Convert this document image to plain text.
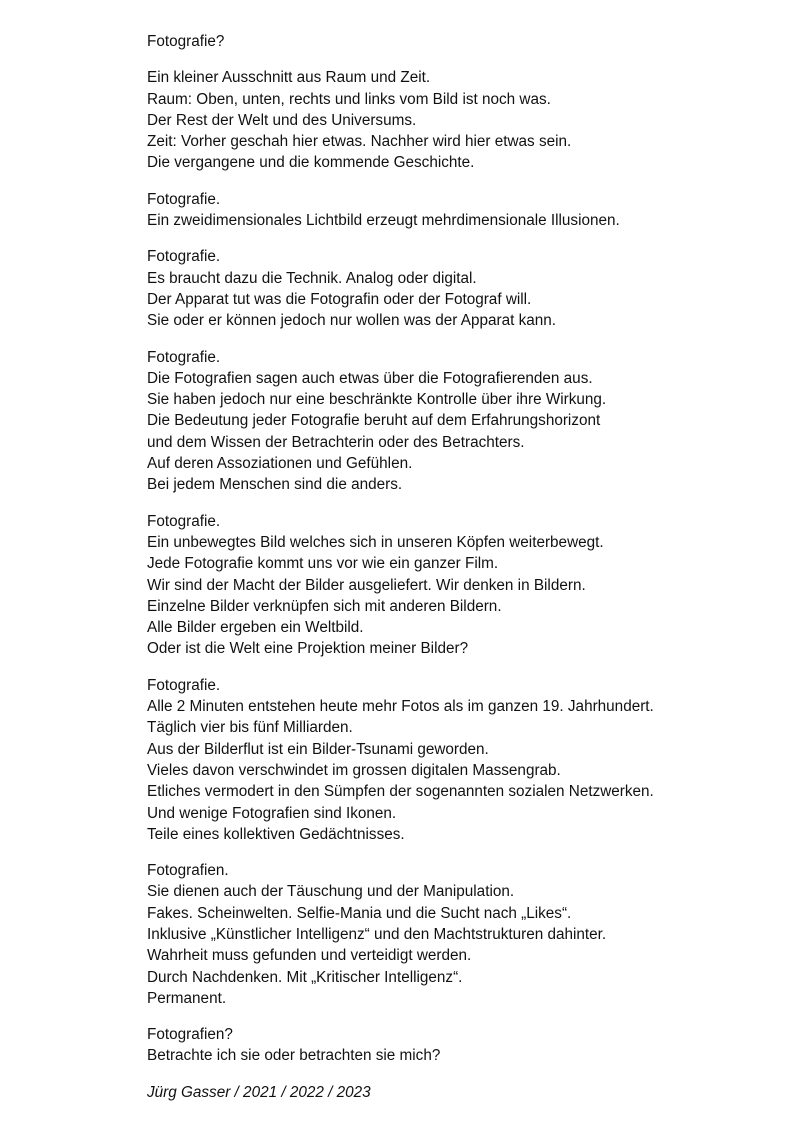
Fotografie?
Ein kleiner Ausschnitt aus Raum und Zeit.
Raum: Oben, unten, rechts und links vom Bild ist noch was.
Der Rest der Welt und des Universums.
Zeit: Vorher geschah hier etwas. Nachher wird hier etwas sein.
Die vergangene und die kommende Geschichte.
Fotografie.
Ein zweidimensionales Lichtbild erzeugt mehrdimensionale Illusionen.
Fotografie.
Es braucht dazu die Technik. Analog oder digital.
Der Apparat tut was die Fotografin oder der Fotograf will.
Sie oder er können jedoch nur wollen was der Apparat kann.
Fotografie.
Die Fotografien sagen auch etwas über die Fotografierenden aus.
Sie haben jedoch nur eine beschränkte Kontrolle über ihre Wirkung.
Die Bedeutung jeder Fotografie beruht auf dem Erfahrungshorizont
und dem Wissen der Betrachterin oder des Betrachters.
Auf deren Assoziationen und Gefühlen.
Bei jedem Menschen sind die anders.
Fotografie.
Ein unbewegtes Bild welches sich in unseren Köpfen weiterbewegt.
Jede Fotografie kommt uns vor wie ein ganzer Film.
Wir sind der Macht der Bilder ausgeliefert. Wir denken in Bildern.
Einzelne Bilder verknüpfen sich mit anderen Bildern.
Alle Bilder ergeben ein Weltbild.
Oder ist die Welt eine Projektion meiner Bilder?
Fotografie.
Alle 2 Minuten entstehen heute mehr Fotos als im ganzen 19. Jahrhundert.
Täglich vier bis fünf Milliarden.
Aus der Bilderflut ist ein Bilder-Tsunami geworden.
Vieles davon verschwindet im grossen digitalen Massengrab.
Etliches vermodert in den Sümpfen der sogenannten sozialen Netzwerken.
Und wenige Fotografien sind Ikonen.
Teile eines kollektiven Gedächtnisses.
Fotografien.
Sie dienen auch der Täuschung und der Manipulation.
Fakes. Scheinwelten. Selfie-Mania und die Sucht nach „Likes“.
Inklusive „Künstlicher Intelligenz“ und den Machtstrukturen dahinter.
Wahrheit muss gefunden und verteidigt werden.
Durch Nachdenken. Mit „Kritischer Intelligenz“.
Permanent.
Fotografien?
Betrachte ich sie oder betrachten sie mich?
Jürg Gasser / 2021 / 2022 / 2023
